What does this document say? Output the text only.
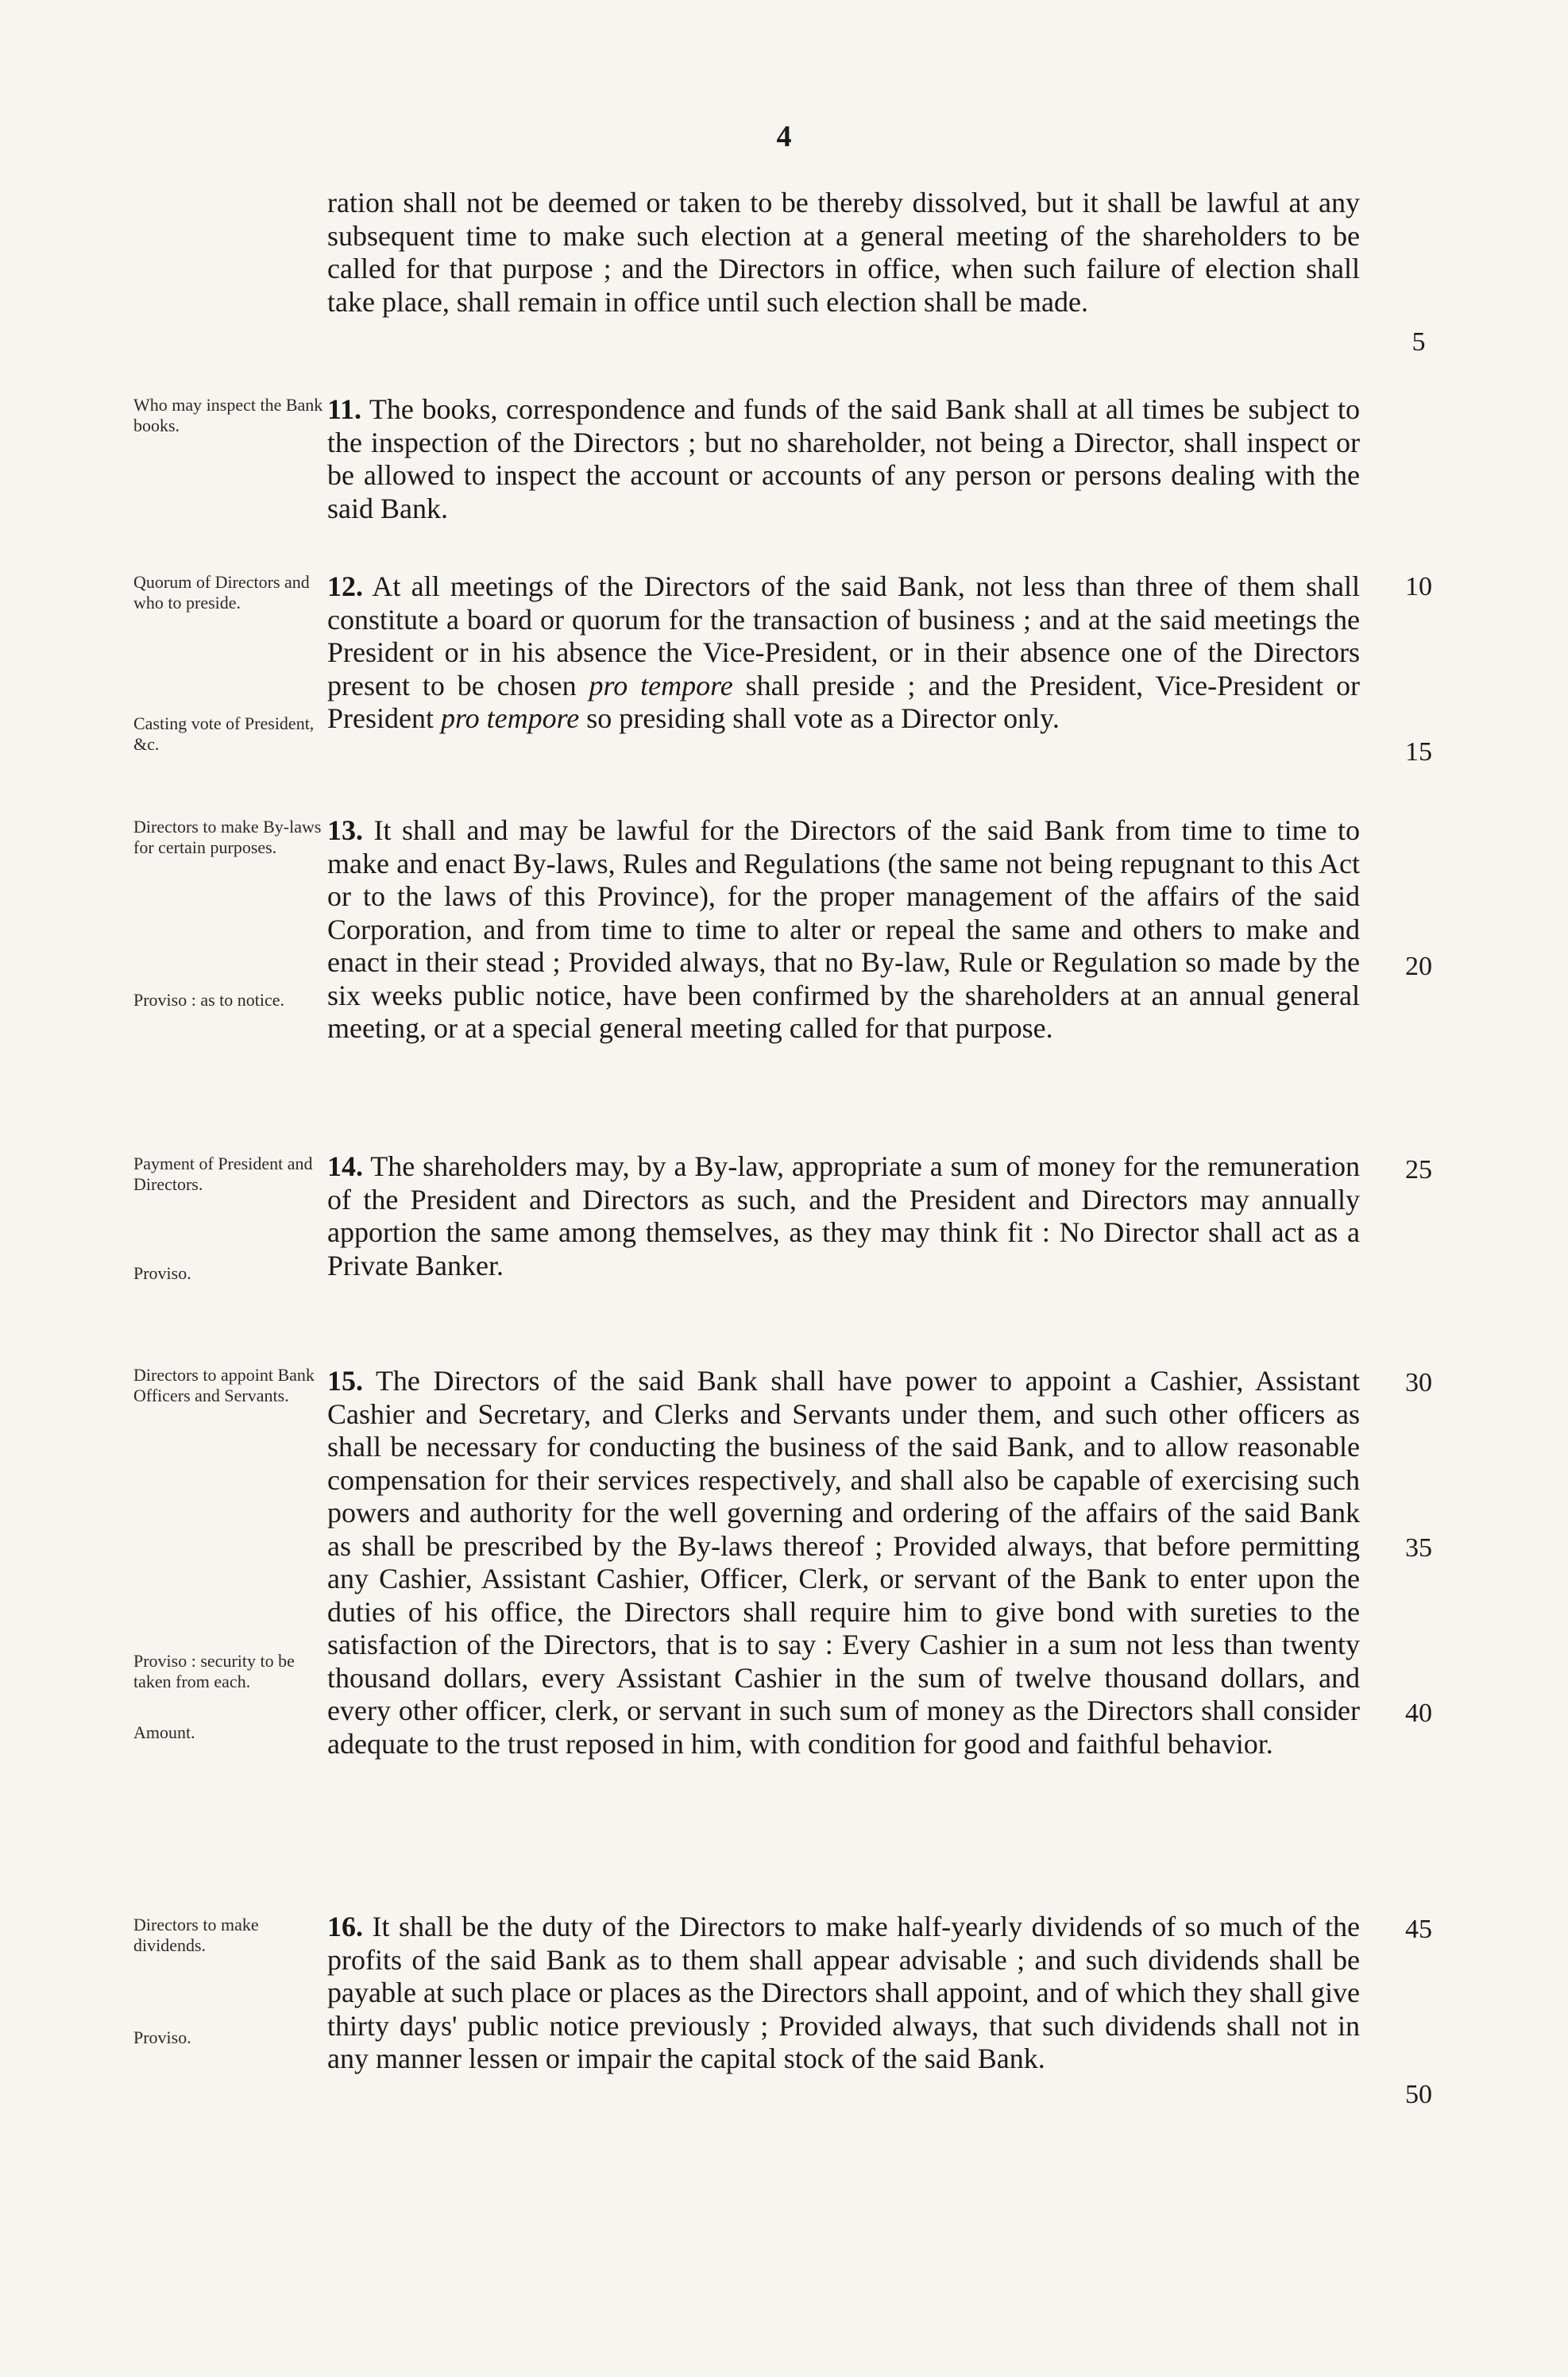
4
ration shall not be deemed or taken to be thereby dissolved, but it shall be lawful at any subsequent time to make such election at a general meeting of the shareholders to be called for that purpose ; and the Directors in office, when such failure of election shall take place, shall remain in office until such election shall be made.
5
Who may inspect the Bank books.
11. The books, correspondence and funds of the said Bank shall at all times be subject to the inspection of the Directors ; but no shareholder, not being a Director, shall inspect or be allowed to inspect the account or accounts of any person or persons dealing with the said Bank.
Quorum of Directors and who to preside.
Casting vote of President, &c.
12. At all meetings of the Directors of the said Bank, not less than three of them shall constitute a board or quorum for the transaction of business ; and at the said meetings the President or in his absence the Vice-President, or in their absence one of the Directors present to be chosen pro tempore shall preside ; and the President, Vice-President or President pro tempore so presiding shall vote as a Director only.
10
15
Directors to make By-laws for certain purposes.
Proviso : as to notice.
13. It shall and may be lawful for the Directors of the said Bank from time to time to make and enact By-laws, Rules and Regulations (the same not being repugnant to this Act or to the laws of this Province), for the proper management of the affairs of the said Corporation, and from time to time to alter or repeal the same and others to make and enact in their stead ; Provided always, that no By-law, Rule or Regulation so made by the six weeks public notice, have been confirmed by the shareholders at an annual general meeting, or at a special general meeting called for that purpose.
20
Payment of President and Directors.
Proviso.
14. The shareholders may, by a By-law, appropriate a sum of money for the remuneration of the President and Directors as such, and the President and Directors may annually apportion the same among themselves, as they may think fit : No Director shall act as a Private Banker.
25
Directors to appoint Bank Officers and Servants.
Proviso : security to be taken from each.
Amount.
15. The Directors of the said Bank shall have power to appoint a Cashier, Assistant Cashier and Secretary, and Clerks and Servants under them, and such other officers as shall be necessary for conducting the business of the said Bank, and to allow reasonable compensation for their services respectively, and shall also be capable of exercising such powers and authority for the well governing and ordering of the affairs of the said Bank as shall be prescribed by the By-laws thereof ; Provided always, that before permitting any Cashier, Assistant Cashier, Officer, Clerk, or servant of the Bank to enter upon the duties of his office, the Directors shall require him to give bond with sureties to the satisfaction of the Directors, that is to say : Every Cashier in a sum not less than twenty thousand dollars, every Assistant Cashier in the sum of twelve thousand dollars, and every other officer, clerk, or servant in such sum of money as the Directors shall consider adequate to the trust reposed in him, with condition for good and faithful behavior.
30
35
40
Directors to make dividends.
Proviso.
16. It shall be the duty of the Directors to make half-yearly dividends of so much of the profits of the said Bank as to them shall appear advisable ; and such dividends shall be payable at such place or places as the Directors shall appoint, and of which they shall give thirty days' public notice previously ; Provided always, that such dividends shall not in any manner lessen or impair the capital stock of the said Bank.
45
50
